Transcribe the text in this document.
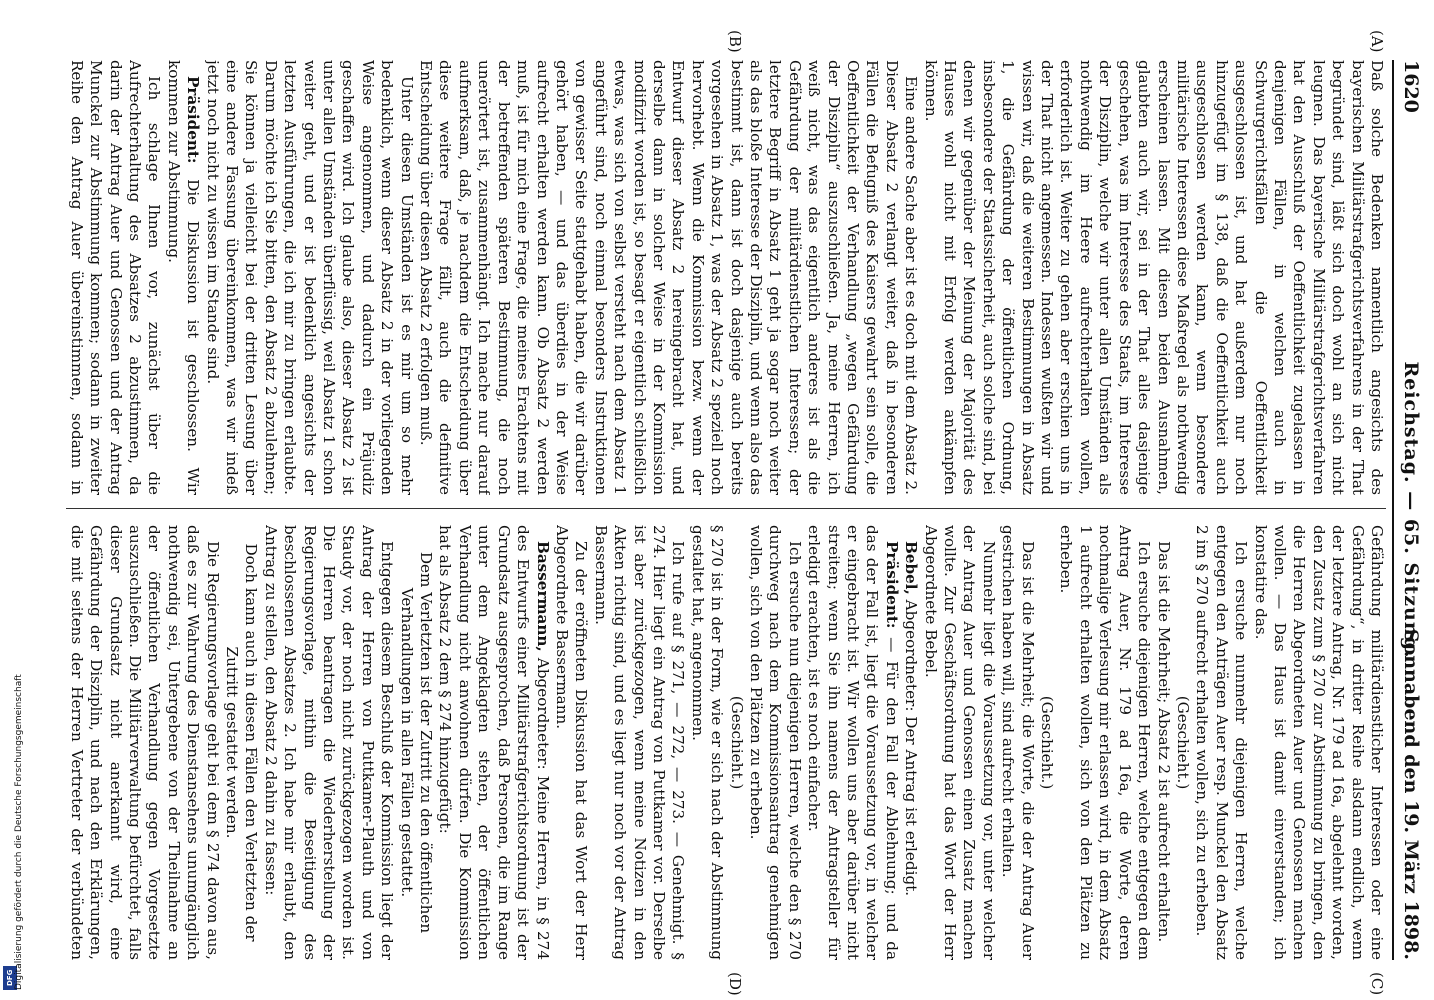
1620
Reichstag. — 65. Sitzung.
Sonnabend den 19. März 1898.
(A)
(B)
(C)
(D)

Daß solche Bedenken namentlich angesichts des bayerischen Militärstrafgerichtsverfahrens in der That begründet sind, läßt sich doch wohl an sich nicht leugnen. Das bayerische Militärstrafgerichtsverfahren hat den Ausschluß der Oeffentlichkeit zugelassen in denjenigen Fällen, in welchen auch in Schwurgerichtsfällen die Oeffentlichkeit ausgeschlossen ist, und hat außerdem nur noch hinzugefügt im § 138, daß die Oeffentlichkeit auch ausgeschlossen werden kann, wenn besondere militärische Interessen diese Maßregel als nothwendig erscheinen lassen. Mit diesen beiden Ausnahmen, glaubten auch wir, sei in der That alles dasjenige geschehen, was im Interesse des Staats, im Interesse der Disziplin, welche wir unter allen Umständen als nothwendig im Heere aufrechterhalten wollen, erforderlich ist. Weiter zu gehen aber erschien uns in der That nicht angemessen. Indessen wußten wir und wissen wir, daß die weiteren Bestimmungen in Absatz 1, die Gefährdung der öffentlichen Ordnung, insbesondere der Staatssicherheit, auch solche sind, bei denen wir gegenüber der Meinung der Majorität des Hauses wohl nicht mit Erfolg werden ankämpfen können.

Eine andere Sache aber ist es doch mit dem Absatz 2. Dieser Absatz 2 verlangt weiter, daß in besonderen Fällen die Befugniß des Kaisers gewahrt sein solle, die Oeffentlichkeit der Verhandlung „wegen Gefährdung der Disziplin“ auszuschließen. Ja, meine Herren, ich weiß nicht, was das eigentlich anderes ist als die Gefährdung der militärdienstlichen Interessen; der letztere Begriff in Absatz 1 geht ja sogar noch weiter als das bloße Interesse der Disziplin, und wenn also das bestimmt ist, dann ist doch dasjenige auch bereits vorgesehen in Absatz 1, was der Absatz 2 speziell noch hervorhebt. Wenn die Kommission bezw. wenn der Entwurf dieser Absatz 2 hereingebracht hat, und derselbe dann in solcher Weise in der Kommission modifizirt worden ist, so besagt er eigentlich schließlich etwas, was sich von selbst versteht nach dem Absatz 1 angeführt sind, noch einmal besonders Instruktionen von gewisser Seite stattgehabt haben, die wir darüber gehört haben, — und das überdies in der Weise aufrecht erhalten werden kann. Ob Absatz 2 werden muß, ist für mich eine Frage, die meines Erachtens mit der betreffenden späteren Bestimmung, die noch unerörtert ist, zusammenhängt. Ich mache nur darauf aufmerksam, daß, je nachdem die Entscheidung über diese weitere Frage fällt, auch die definitive Entscheidung über diesen Absatz 2 erfolgen muß.

Unter diesen Umständen ist es mir um so mehr bedenklich, wenn dieser Absatz 2 in der vorliegenden Weise angenommen, und dadurch ein Präjudiz geschaffen wird. Ich glaube also, dieser Absatz 2 ist unter allen Umständen überflüssig, weil Absatz 1 schon weiter geht, und er ist bedenklich angesichts der letzten Ausführungen, die ich mir zu bringen erlaubte. Darum möchte ich Sie bitten, den Absatz 2 abzulehnen; Sie können ja vielleicht bei der dritten Lesung über eine andere Fassung übereinkommen, was wir indeß jetzt noch nicht zu wissen im Stande sind.

Präsident: Die Diskussion ist geschlossen. Wir kommen zur Abstimmung.

Ich schlage Ihnen vor, zunächst über die Aufrechterhaltung des Absatzes 2 abzustimmen, da darin der Antrag Auer und Genossen und der Antrag Munckel zur Abstimmung kommen; sodann in zweiter Reihe den Antrag Auer übereinstimmen, sodann in

Gefährdung militärdienstlicher Interessen oder eine Gefährdung“, in dritter Reihe alsdann endlich, wenn der letztere Antrag, Nr. 179 ad 16a, abgelehnt worden, den Zusatz zum § 270 zur Abstimmung zu bringen, den die Herren Abgeordneten Auer und Genossen machen wollen. — Das Haus ist damit einverstanden; ich konstatire das.

Ich ersuche nunmehr diejenigen Herren, welche entgegen den Anträgen Auer resp. Munckel den Absatz 2 im § 270 aufrecht erhalten wollen, sich zu erheben.

(Geschieht.)

Das ist die Mehrheit; Absatz 2 ist aufrecht erhalten.

Ich ersuche diejenigen Herren, welche entgegen dem Antrag Auer, Nr. 179 ad 16a, die Worte, deren nochmalige Verlesung mir erlassen wird, in dem Absatz 1 aufrecht erhalten wollen, sich von den Plätzen zu erheben.

(Geschieht.)

Das ist die Mehrheit; die Worte, die der Antrag Auer gestrichen haben will, sind aufrecht erhalten.

Nunmehr liegt die Voraussetzung vor, unter welcher der Antrag Auer und Genossen einen Zusatz machen wollte. Zur Geschäftsordnung hat das Wort der Herr Abgeordnete Bebel.

Bebel, Abgeordneter: Der Antrag ist erledigt.

Präsident: — Für den Fall der Ablehnung; und da das der Fall ist, liegt die Voraussetzung vor, in welcher er eingebracht ist. Wir wollen uns aber darüber nicht streiten; wenn Sie ihn namens der Antragsteller für erledigt erachten, ist es noch einfacher.

Ich ersuche nun diejenigen Herren, welche den § 270 durchweg nach dem Kommissionsantrag genehmigen wollen, sich von den Plätzen zu erheben.

(Geschieht.)

§ 270 ist in der Form, wie er sich nach der Abstimmung gestaltet hat, angenommen.

Ich rufe auf § 271, — 272, — 273. — Genehmigt. § 274. Hier liegt ein Antrag von Puttkamer vor. Derselbe ist aber zurückgezogen, wenn meine Notizen in den Akten richtig sind, und es liegt nur noch vor der Antrag Bassermann.

Zu der eröffneten Diskussion hat das Wort der Herr Abgeordnete Bassermann.

Bassermann, Abgeordneter: Meine Herren, in § 274 des Entwurfs einer Militärstrafgerichtsordnung ist der Grundsatz ausgesprochen, daß Personen, die im Range unter dem Angeklagten stehen, der öffentlichen Verhandlung nicht anwohnen dürfen. Die Kommission hat als Absatz 2 dem § 274 hinzugefügt:

Dem Verletzten ist der Zutritt zu den öffentlichen Verhandlungen in allen Fällen gestattet.

Entgegen diesem Beschluß der Kommission liegt der Antrag der Herren von Puttkamer-Plauth und von Staudy vor, der noch nicht zurückgezogen worden ist. Die Herren beantragen die Wiederherstellung der Regierungsvorlage, mithin die Beseitigung des beschlossenen Absatzes 2. Ich habe mir erlaubt, den Antrag zu stellen, den Absatz 2 dahin zu fassen:

Doch kann auch in diesen Fällen den Verletzten der Zutritt gestattet werden.

Die Regierungsvorlage geht bei dem § 274 davon aus, daß es zur Wahrung des Dienstansehens unumgänglich nothwendig sei, Untergebene von der Theilnahme an der öffentlichen Verhandlung gegen Vorgesetzte auszuschließen. Die Militärverwaltung befürchtet, falls dieser Grundsatz nicht anerkannt wird, eine Gefährdung der Disziplin, und nach den Erklärungen, die mit seitens der Herren Vertreter der verbündeten

DFG Digitalisierung gefördert durch die Deutsche Forschungsgemeinschaft
